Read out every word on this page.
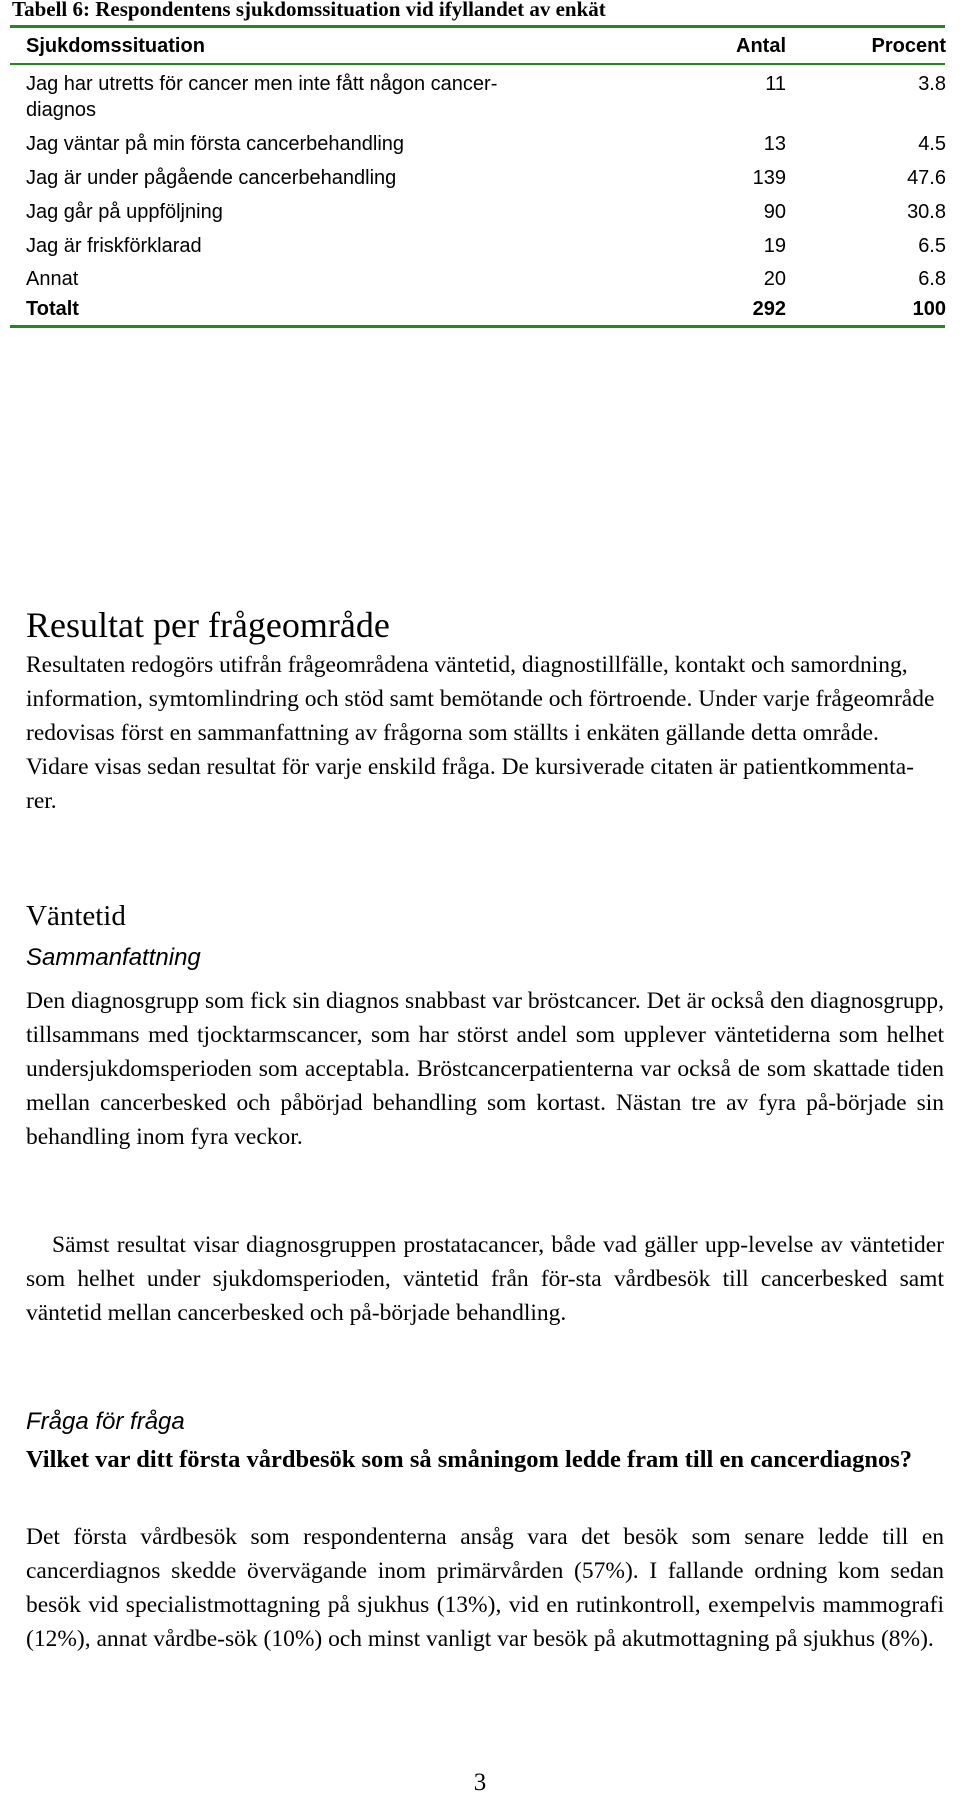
Tabell 6: Respondentens sjukdomssituation vid ifyllandet av enkät
Sjukdomssituation	Antal	Procent
Jag har utretts för cancer men inte fått någon cancer-
diagnos
11	3.8
Jag väntar på min första cancerbehandling	13	4.5
Jag är under pågående cancerbehandling	139	47.6
Jag går på uppföljning	90	30.8
Jag är friskförklarad	19	6.5
Annat	20	6.8
Totalt	292	100
Resultat per frågeområde
Resultaten redogörs utifrån frågeområdena väntetid, diagnostillfälle, kontakt och samordning, information, symtomlindring och stöd samt bemötande och förtroende. Under varje frågeområde redovisas först en sammanfattning av frågorna som ställts i enkäten gällande detta område. Vidare visas sedan resultat för varje enskild fråga. De kursiverade citaten är patientkommenta-rer.
Väntetid
Sammanfattning
Den diagnosgrupp som fick sin diagnos snabbast var bröstcancer. Det är också den diagnosgrupp, tillsammans med tjocktarmscancer, som har störst andel som upplever väntetiderna som helhet undersjukdomsperioden som acceptabla. Bröstcancerpatienterna var också de som skattade tiden mellan cancerbesked och påbörjad behandling som kortast. Nästan tre av fyra på-började sin behandling inom fyra veckor.
Sämst resultat visar diagnosgruppen prostatacancer, både vad gäller upp-levelse av väntetider som helhet under sjukdomsperioden, väntetid från för-sta vårdbesök till cancerbesked samt väntetid mellan cancerbesked och på-började behandling.
Fråga för fråga
Vilket var ditt första vårdbesök som så småningom ledde fram till en cancerdiagnos?
Det första vårdbesök som respondenterna ansåg vara det besök som senare ledde till en cancerdiagnos skedde övervägande inom primärvården (57%). I fallande ordning kom sedan besök vid specialistmottagning på sjukhus (13%), vid en rutinkontroll, exempelvis mammografi (12%), annat vårdbe-sök (10%) och minst vanligt var besök på akutmottagning på sjukhus (8%).
3
